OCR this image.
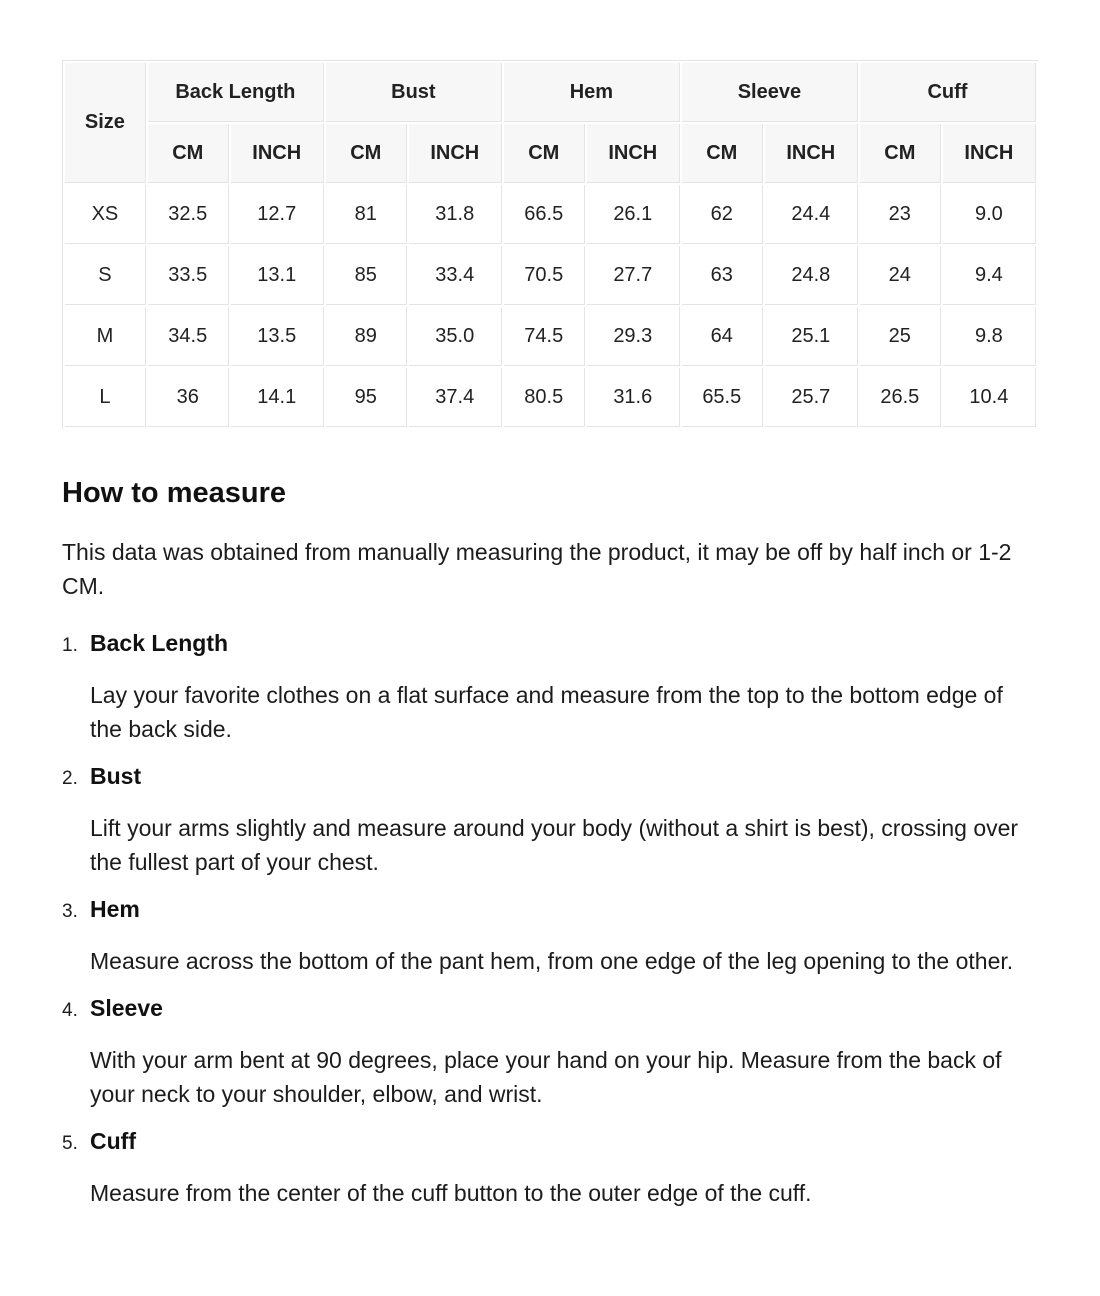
Size	Back Length		Bust		Hem		Sleeve		Cuff	
	CM	INCH	CM	INCH	CM	INCH	CM	INCH	CM	INCH
XS	32.5	12.7	81	31.8	66.5	26.1	62	24.4	23	9.0
S	33.5	13.1	85	33.4	70.5	27.7	63	24.8	24	9.4
M	34.5	13.5	89	35.0	74.5	29.3	64	25.1	25	9.8
L	36	14.1	95	37.4	80.5	31.6	65.5	25.7	26.5	10.4
How to measure

This data was obtained from manually measuring the product, it may be off by half inch or 1-2 CM.

1. Back Length

Lay your favorite clothes on a flat surface and measure from the top to the bottom edge of the back side.

2. Bust

Lift your arms slightly and measure around your body (without a shirt is best), crossing over the fullest part of your chest.

3. Hem

Measure across the bottom of the pant hem, from one edge of the leg opening to the other.

4. Sleeve

With your arm bent at 90 degrees, place your hand on your hip. Measure from the back of your neck to your shoulder, elbow, and wrist.

5. Cuff

Measure from the center of the cuff button to the outer edge of the cuff.
